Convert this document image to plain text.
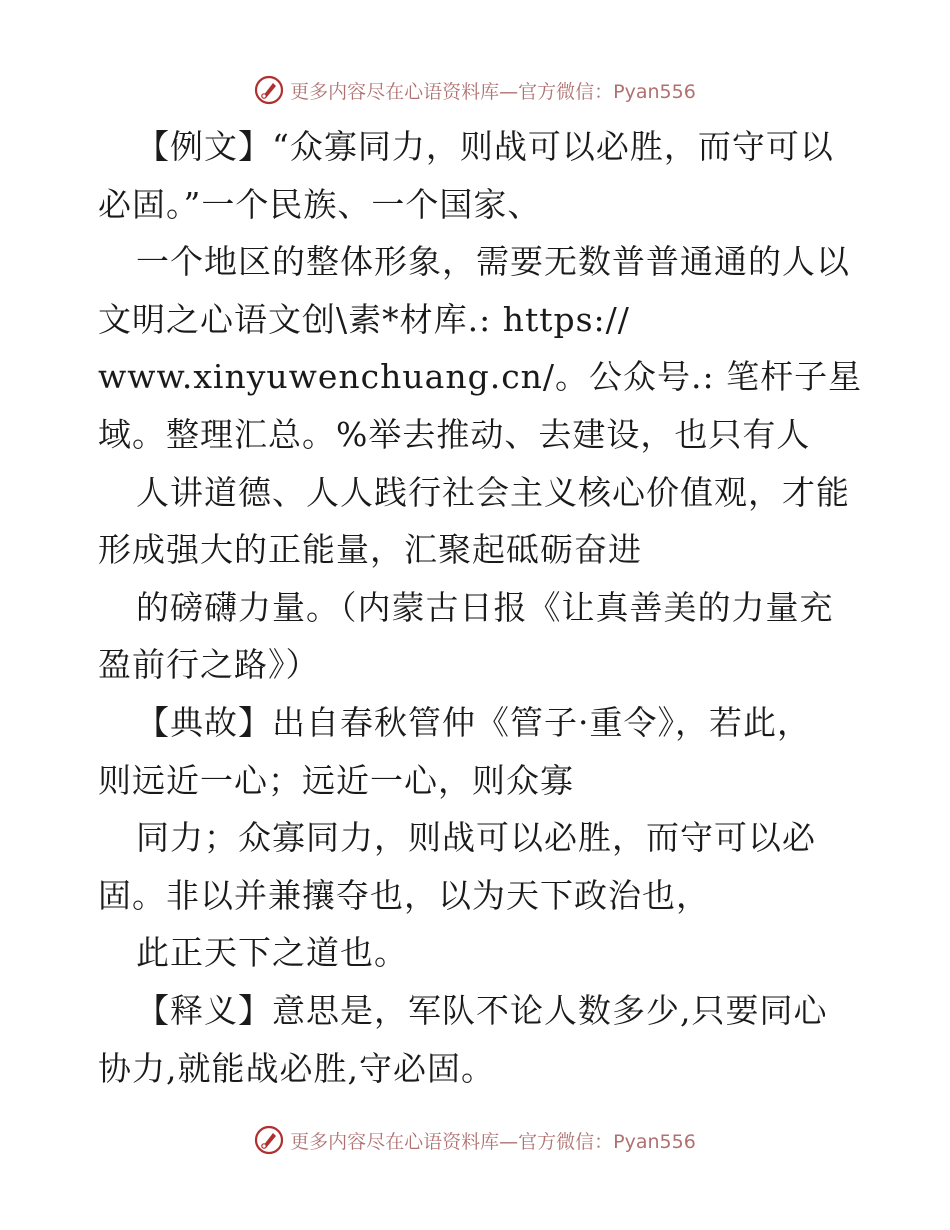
更多内容尽在心语资料库—官方微信：Pyan556
【例文】“众寡同力，则战可以必胜，而守可以
必固。”一个民族、一个国家、
一个地区的整体形象，需要无数普普通通的人以
文明之心语文创\素*材库.: https://
www.xinyuwenchuang.cn/。公众号.: 笔杆子星
域。整理汇总。%举去推动、去建设，也只有人
人讲道德、人人践行社会主义核心价值观，才能
形成强大的正能量，汇聚起砥砺奋进
的磅礴力量。（内蒙古日报《让真善美的力量充
盈前行之路》）
【典故】出自春秋管仲《管子·重令》，若此，
则远近一心；远近一心，则众寡
同力；众寡同力，则战可以必胜，而守可以必
固。非以并兼攘夺也，以为天下政治也，
此正天下之道也。
【释义】意思是，军队不论人数多少,只要同心
协力,就能战必胜,守必固。
更多内容尽在心语资料库—官方微信：Pyan556
